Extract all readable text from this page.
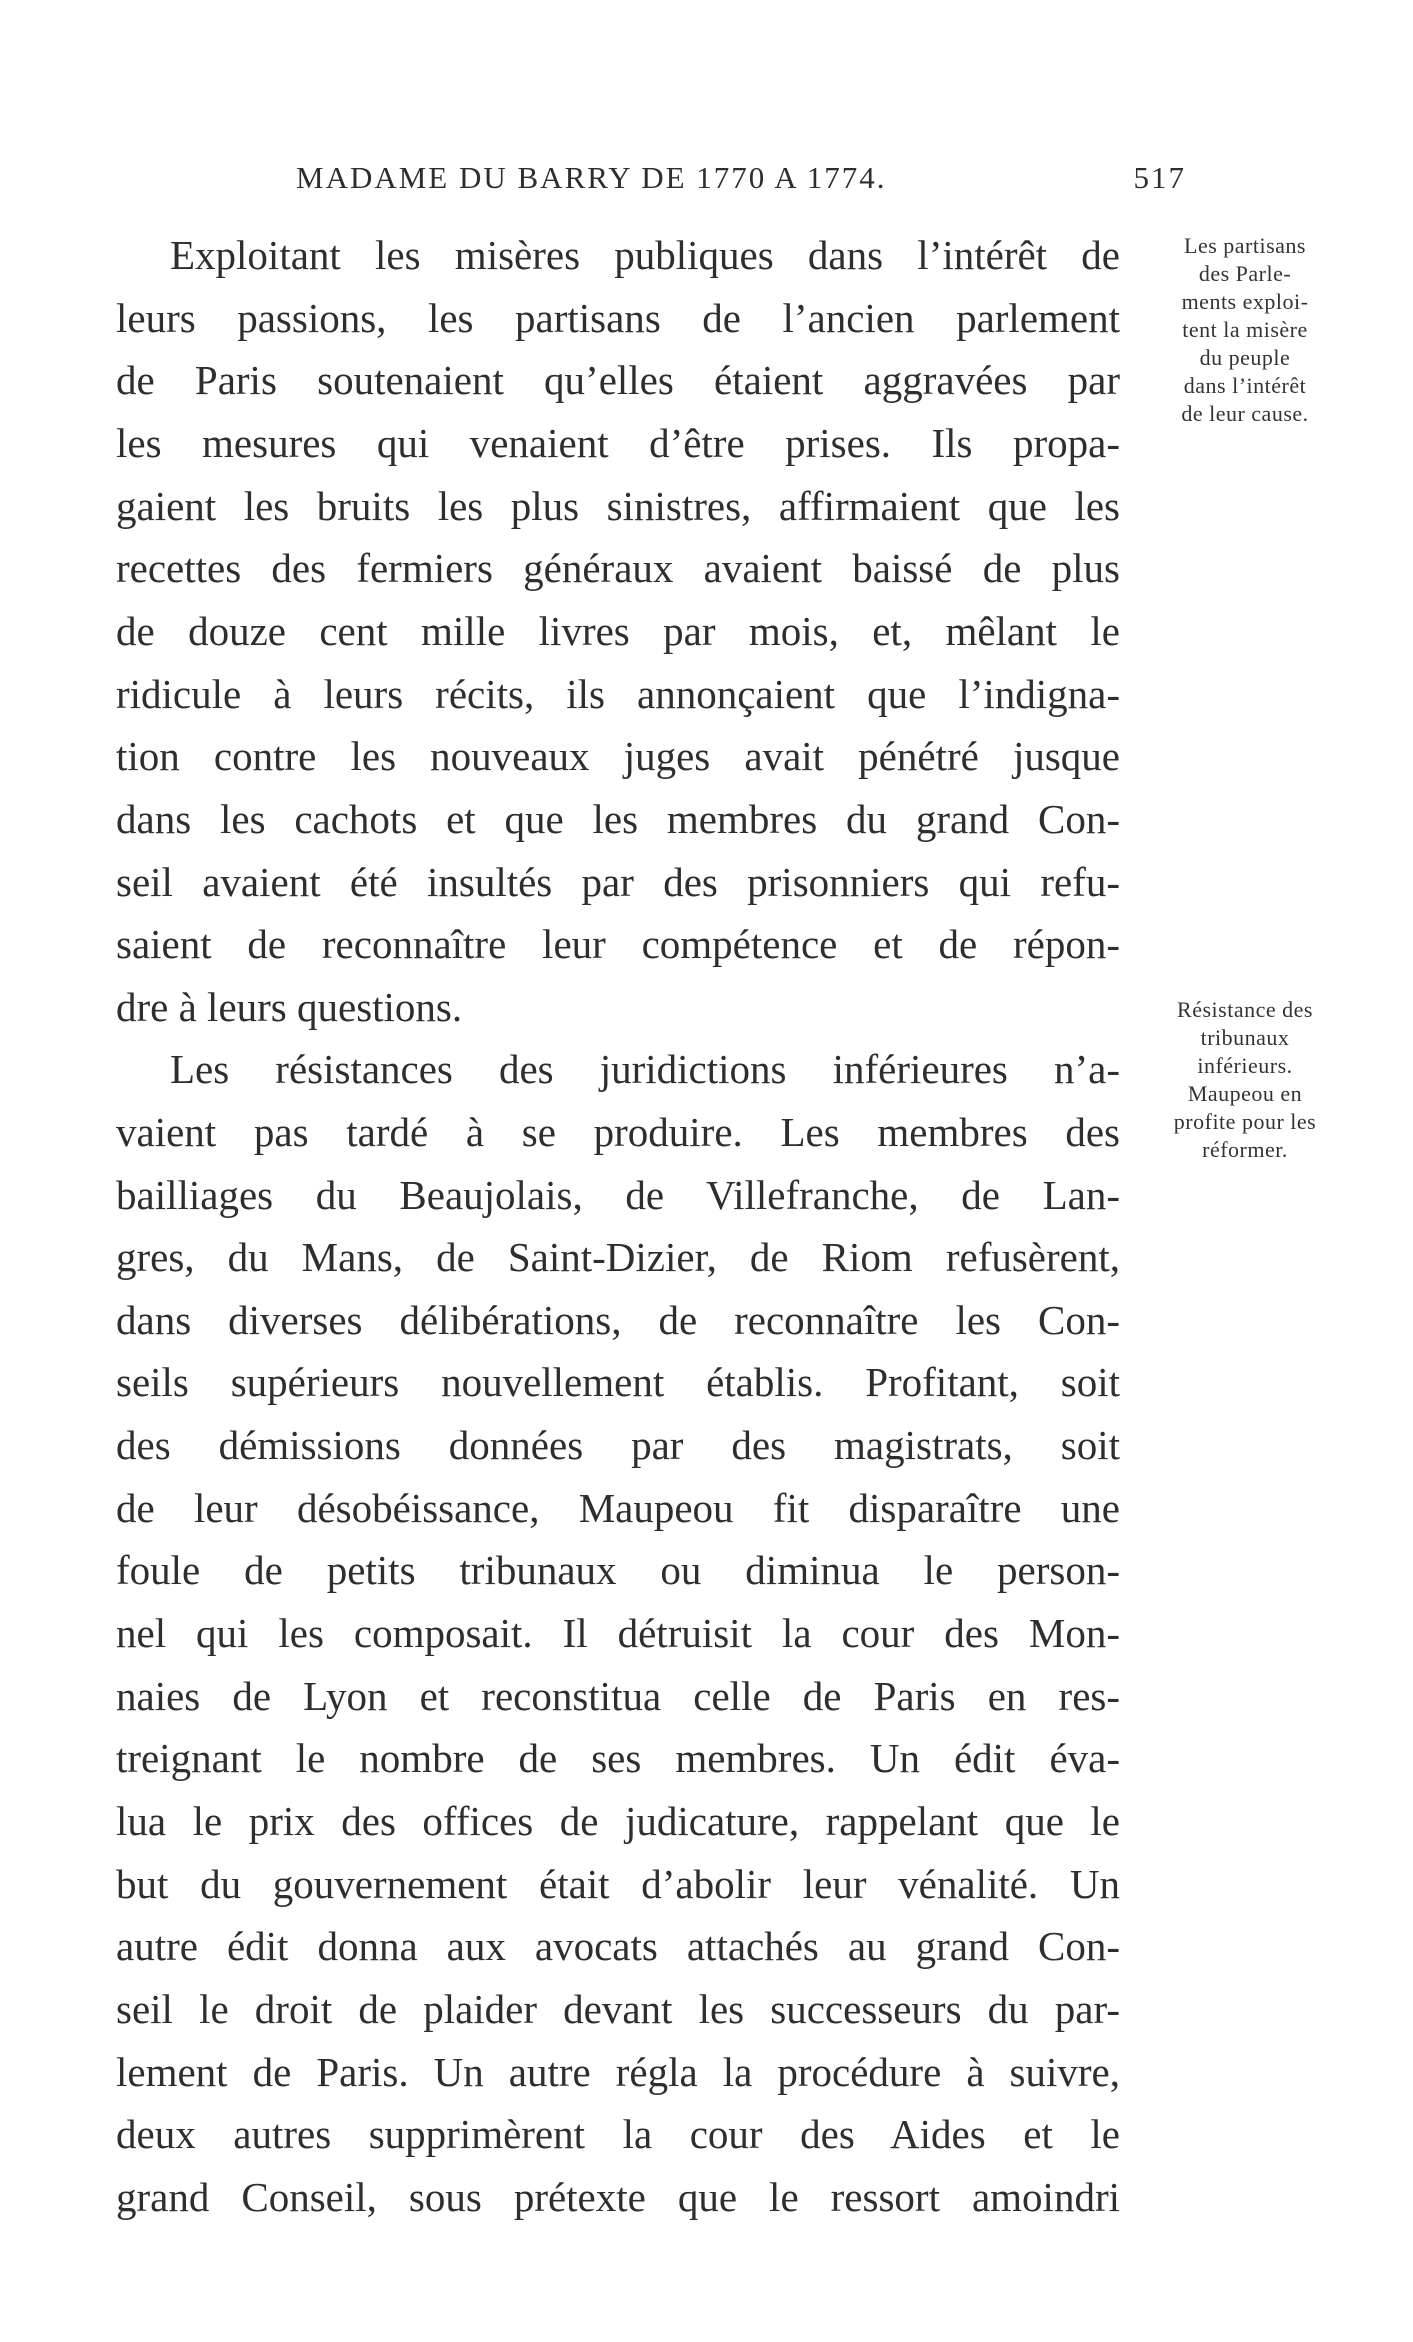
MADAME DU BARRY DE 1770 A 1774.	517
Exploitant les misères publiques dans l’intérêt de
leurs passions, les partisans de l’ancien parlement
de Paris soutenaient qu’elles étaient aggravées par
les mesures qui venaient d’être prises. Ils propa-
gaient les bruits les plus sinistres, affirmaient que les
recettes des fermiers généraux avaient baissé de plus
de douze cent mille livres par mois, et, mêlant le
ridicule à leurs récits, ils annonçaient que l’indigna-
tion contre les nouveaux juges avait pénétré jusque
dans les cachots et que les membres du grand Con-
seil avaient été insultés par des prisonniers qui refu-
saient de reconnaître leur compétence et de répon-
dre à leurs questions.
Les résistances des juridictions inférieures n’a-
vaient pas tardé à se produire. Les membres des
bailliages du Beaujolais, de Villefranche, de Lan-
gres, du Mans, de Saint-Dizier, de Riom refusèrent,
dans diverses délibérations, de reconnaître les Con-
seils supérieurs nouvellement établis. Profitant, soit
des démissions données par des magistrats, soit
de leur désobéissance, Maupeou fit disparaître une
foule de petits tribunaux ou diminua le person-
nel qui les composait. Il détruisit la cour des Mon-
naies de Lyon et reconstitua celle de Paris en res-
treignant le nombre de ses membres. Un édit éva-
lua le prix des offices de judicature, rappelant que le
but du gouvernement était d’abolir leur vénalité. Un
autre édit donna aux avocats attachés au grand Con-
seil le droit de plaider devant les successeurs du par-
lement de Paris. Un autre régla la procédure à suivre,
deux autres supprimèrent la cour des Aides et le
grand Conseil, sous prétexte que le ressort amoindri
Les partisans
des Parle-
ments exploi-
tent la misère
du peuple
dans l’intérêt
de leur cause.
Résistance des
tribunaux
inférieurs.
Maupeou en
profite pour les
réformer.
